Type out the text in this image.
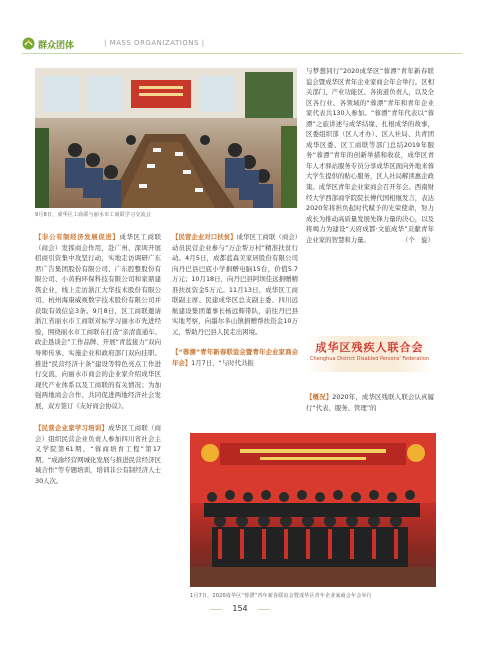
群众团体	| MASS ORGANIZATIONS |
9月8日，成华区工商联与丽水市工商联学习交流会

【非公有制经济发展促进】成华区工商联（商会）发挥商会作用，赴广州、深圳开展招商引资集中攻坚行动，实地走访调研广东君广告集团股份有限公司、广东腔整股份有限公司、小黄狗环保科技有限公司和家鼎建筑企业，线上走访浙江大华技术股份有限公司、杭州海康威视数字技术股份有限公司并获取有效信息3条。9月8日，区工商联邀请浙江省丽水市工商联对标学习丽水市先进经验，围绕丽水市工商联在打造“亲清直通车、政企恳谈会”工作品牌、开展“青蓝接力”双向导师传承、实施企业和政府部门双向挂职、推进“民营经济十条”建设等特色亮点工作进行交流，向丽水市商会的企业家介绍成华区现代产业体系以及工商联的有关情况；为加强两地商会合作、共同促进两地经济社会发展，双方签订《友好商会协议》。

【民营企业家学习培训】成华区工商联（商会）组织民营企业负责人参加四川省社会主义学院第61期、“蓉商培育工程”第17期、“成渝经营网城化发展与推进民营经济区域合作”等专题培训，培训非公有制经济人士30人次。

【民营企业对口扶贫】成华区工商联（商会）动员民营企业参与“万企帮万村”精准扶贫行动。4月5日，成都蓝森美家居股份有限公司向丹巴县巴底小学捐赠电脑15台，价值5.7万元；10月18日，向丹巴县阿坝佳远捐赠精准扶贫资金5万元。11月13日，成华区工商联副主席、民建成华区总支副主委、四川远航建设集团董事长杨远辉带队，前往丹巴县实地考察，向墨尔多山镇捐赠帮扶资金10万元，帮助丹巴县人民走出困境。

【“蓉漂”青年新春联谊会暨青年企业家商会年会】1月7日，“与时代共振

与梦想同行”2020成华区“蓉漂”青年新春联谊会暨成华区青年企业家商会年会举行。区相关部门、产业功能区、各街道负责人，以及全区各行业、各领域的“蓉漂”青年和青年企业家代表共130人参加。“蓉漂”青年代表以“蓉漂”之旅讲述与成华结缘、扎根成华的故事，区委组织部（区人才办）、区人社局、共青团成华区委、区工商联等部门总结2019年服务“蓉漂”青年的创新举措和收获，成华区青年人才驿站服务专员分享成华区面向外地来蓉大学生提供的贴心服务，区人社局解读惠企政策。成华区青年企业家商会召开年会。西南财经大学西部商学院院长傅代国相继发言，表达2020年将担负起时代赋予的光荣使命，努力成长为推动高质量发展先锋力量的决心，以及将竭力为建设“天府成都·文旅成华”贡献青年企业家的智慧和力量。	（个　旋）

成华区残疾人联合会
Chenghua District Disabled Persons' Federation

【概况】2020年，成华区残联人联会认真履行“代表、服务、管理”的

1月7日，2020成华区“蓉漂”青年新春联谊会暨成华区青年企业家商会年会举行
154
